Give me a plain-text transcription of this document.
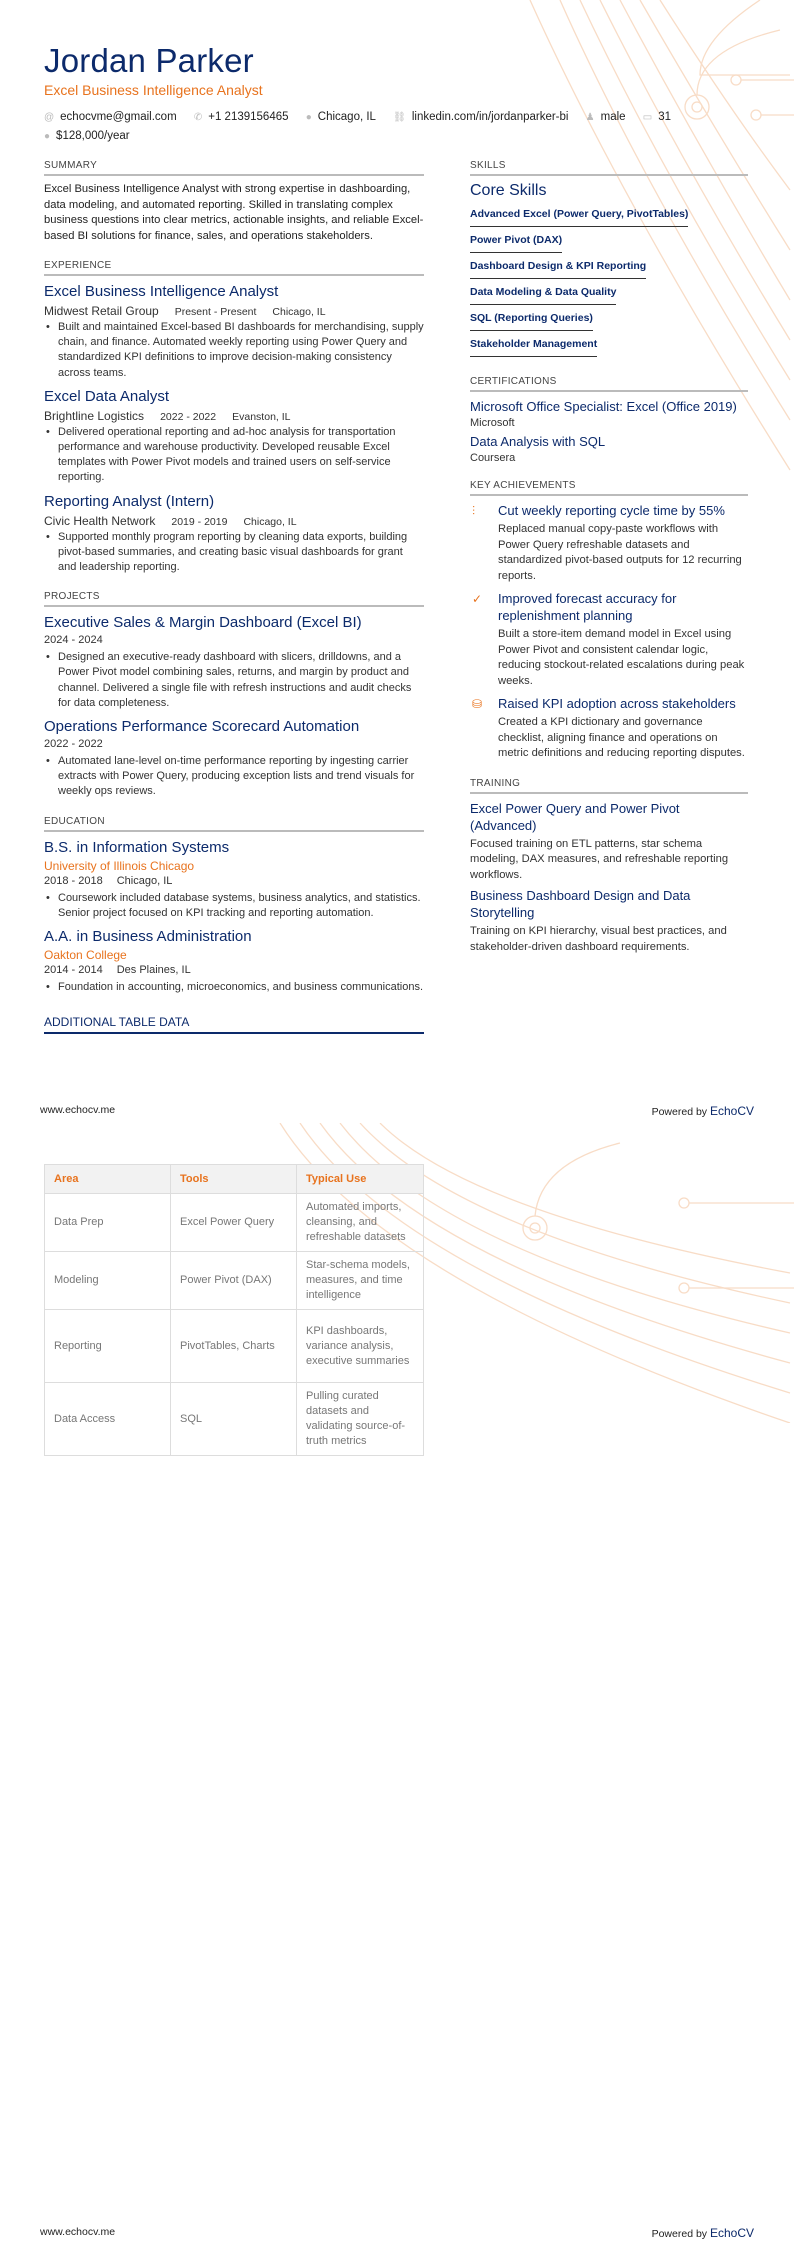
Jordan Parker
Excel Business Intelligence Analyst
@ echocvme@gmail.com ✆ +1 2139156465 ● Chicago, IL ⛓ linkedin.com/in/jordanparker-bi ♟ male ▭ 31
● $128,000/year
SUMMARY
Excel Business Intelligence Analyst with strong expertise in dashboarding, data modeling, and automated reporting. Skilled in translating complex business questions into clear metrics, actionable insights, and reliable Excel-based BI solutions for finance, sales, and operations stakeholders.
EXPERIENCE
Excel Business Intelligence Analyst
Midwest Retail Group Present - Present Chicago, IL
• Built and maintained Excel-based BI dashboards for merchandising, supply chain, and finance. Automated weekly reporting using Power Query and standardized KPI definitions to improve decision-making consistency across teams.
Excel Data Analyst
Brightline Logistics 2022 - 2022 Evanston, IL
• Delivered operational reporting and ad-hoc analysis for transportation performance and warehouse productivity. Developed reusable Excel templates with Power Pivot models and trained users on self-service reporting.
Reporting Analyst (Intern)
Civic Health Network 2019 - 2019 Chicago, IL
• Supported monthly program reporting by cleaning data exports, building pivot-based summaries, and creating basic visual dashboards for grant and leadership reporting.
PROJECTS
Executive Sales & Margin Dashboard (Excel BI)
2024 - 2024
• Designed an executive-ready dashboard with slicers, drilldowns, and a Power Pivot model combining sales, returns, and margin by product and channel. Delivered a single file with refresh instructions and audit checks for data completeness.
Operations Performance Scorecard Automation
2022 - 2022
• Automated lane-level on-time performance reporting by ingesting carrier extracts with Power Query, producing exception lists and trend visuals for weekly ops reviews.
EDUCATION
B.S. in Information Systems
University of Illinois Chicago
2018 - 2018 Chicago, IL
• Coursework included database systems, business analytics, and statistics. Senior project focused on KPI tracking and reporting automation.
A.A. in Business Administration
Oakton College
2014 - 2014 Des Plaines, IL
• Foundation in accounting, microeconomics, and business communications.
ADDITIONAL TABLE DATA
SKILLS
Core Skills
Advanced Excel (Power Query, PivotTables)
Power Pivot (DAX)
Dashboard Design & KPI Reporting
Data Modeling & Data Quality
SQL (Reporting Queries)
Stakeholder Management
CERTIFICATIONS
Microsoft Office Specialist: Excel (Office 2019)
Microsoft
Data Analysis with SQL
Coursera
KEY ACHIEVEMENTS
⫶ Cut weekly reporting cycle time by 55%
Replaced manual copy-paste workflows with Power Query refreshable datasets and standardized pivot-based outputs for 12 recurring reports.
✓ Improved forecast accuracy for replenishment planning
Built a store-item demand model in Excel using Power Pivot and consistent calendar logic, reducing stockout-related escalations during peak weeks.
⛁ Raised KPI adoption across stakeholders
Created a KPI dictionary and governance checklist, aligning finance and operations on metric definitions and reducing reporting disputes.
TRAINING
Excel Power Query and Power Pivot (Advanced)
Focused training on ETL patterns, star schema modeling, DAX measures, and refreshable reporting workflows.
Business Dashboard Design and Data Storytelling
Training on KPI hierarchy, visual best practices, and stakeholder-driven dashboard requirements.
www.echocv.me	Powered by EchoCV
Area	Tools	Typical Use
Data Prep	Excel Power Query	Automated imports, cleansing, and refreshable datasets
Modeling	Power Pivot (DAX)	Star-schema models, measures, and time intelligence
Reporting	PivotTables, Charts	KPI dashboards, variance analysis, executive summaries
Data Access	SQL	Pulling curated datasets and validating source-of-truth metrics
www.echocv.me	Powered by EchoCV
